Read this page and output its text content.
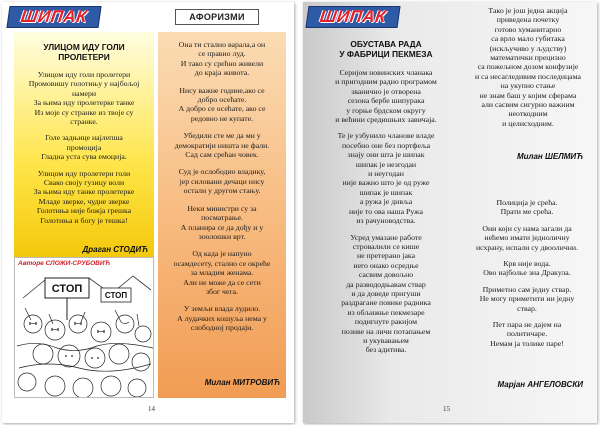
ШИПАК	АФОРИЗМИ
УЛИЦОМ ИДУ ГОЛИ
ПРОЛЕТЕРИ
Улицом иду голи пролетери
Промовишу голотињу у најбољој
намери
За њима иду пролетерке танке
Из моје су странке из твоје су
странке.
Голе задњице најлепша
промоција
Гладна уста сува емоција.
Улицом иду пролетери голи
Свако своју гузицу воли
За њима иду танке пролетерке
Младе зверке, чудне зверке
Голотиња није божја грешка
Голотиња и богу је тешка!
Драган СТОДИЋ
СТОП
СТОП
Авторе СЛОЖИ-СРУБОВИЋ
Она ти стално варала,а он
се правио луд.
И тако су срећно живели
до краја живота.
Нису важне године,ако се
добро осећате.
А добро се осећате, ако се
редовно не купате.
Убедили сте ме да ми у
демократији ништа не фали.
Сад сам срећан човек.
Суд је ослободио владику,
јер силовани дечаци нису
остали у другом стању.
Неки министри су за
посматрање.
А планира се да дођу и у
зоолошки врт.
Од када је напуно
осамдесету, стално се окреће
за младим женама.
Али не може да се сети
због чега.
У земљи влада лудило.
А лудачких кошуља нема у
слободној продаји.
Милан МИТРОВИЋ
14
ШИПАК
ОБУСТАВА РАДА
У ФАБРИЦИ ПЕКМЕЗА
Серијом новинских чланака
и пригодним радио програмом
званично је отворена
сезона бербе шипурака
у горње брдском округу
и већини средишњих завичаја.
Те је узбунило чланове владе
посебно оне без портфеља
знају они шта је шипак
шипак је незгодан
и неугодан
није важно што је од руже
шипак је шипак
а ружа је дивља
није то ова наша Ружа
из рачуноводства.
Усред умазане работе
стровалили се кише
не претерано јака
него онако осредње
сасвим довољно
да развододњавам ствар
и да доведе пригуши
раздрагане повике радника
из обљижње пекмезаре
подигнуте ракијом
позиве на личи потапањем
и укувавањем
без адитива.
Тако је још једна акција
приведена почетку
готово хуманитарно
са врло мало губитака
(искључиво у људству)
математички прецизно
са пожељном дозом конфузије
и са несагледивим последицама
на укупно стање
не знам баш у којим сферама
али сасвим сигурно важним
неоткодним
и целисходним.
Милан ШЕЛМИЋ
Полиција је срећа.
Прати ме срећа.
Они који су нама загали да
нећемо имати једноличну
исхрану, испали су двоолични.
Крв није вода.
Ово најболье зна Дракула.
Приметно сам једну ствар.
Не могу приметити ни једну
ствар.
Пет пара не дајем на
политичаре.
Немам ја толике паре!
Марјан АНГЕЛОВСКИ
15
